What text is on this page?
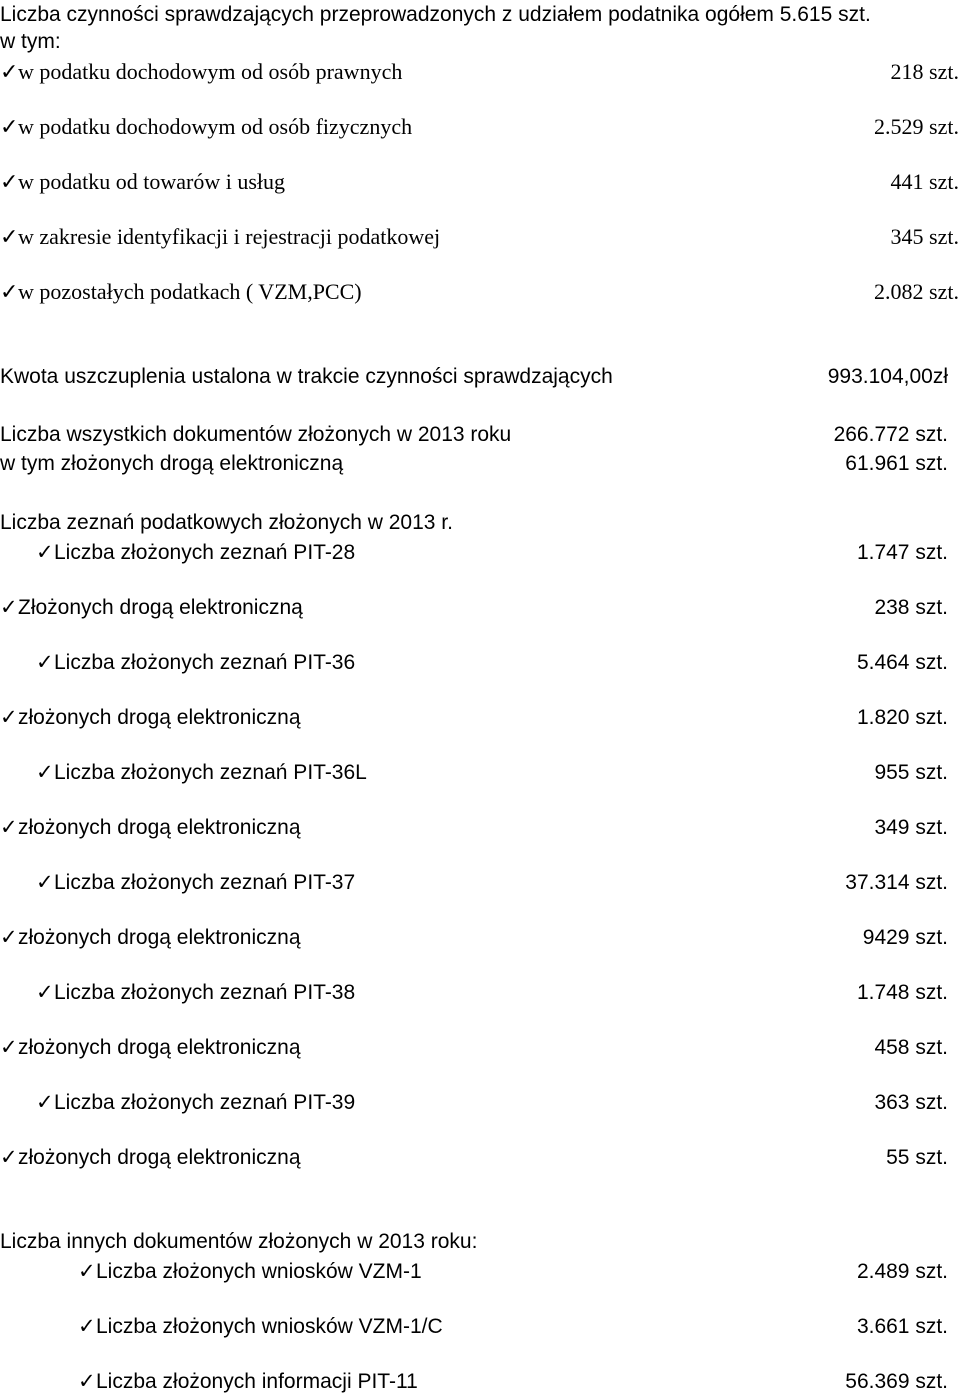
Liczba czynności sprawdzających przeprowadzonych z udziałem podatnika ogółem 5.615 szt.
w tym:
✓w podatku dochodowym od osób prawnych	218 szt.
✓w podatku dochodowym od osób fizycznych	2.529 szt.
✓w podatku od towarów i usług	441 szt.
✓w zakresie identyfikacji i rejestracji podatkowej	345 szt.
✓w pozostałych podatkach ( VZM,PCC)	2.082 szt.
Kwota uszczuplenia ustalona w trakcie czynności sprawdzających	993.104,00zł
Liczba wszystkich dokumentów złożonych w 2013 roku	266.772 szt.
w tym złożonych drogą elektroniczną	61.961 szt.
Liczba zeznań podatkowych złożonych w 2013 r.
✓Liczba złożonych zeznań PIT-28	1.747 szt.
✓Złożonych drogą elektroniczną	238 szt.
✓Liczba złożonych zeznań PIT-36	5.464 szt.
✓złożonych drogą elektroniczną	1.820 szt.
✓Liczba złożonych zeznań PIT-36L	955 szt.
✓złożonych drogą elektroniczną	349 szt.
✓Liczba złożonych zeznań PIT-37	37.314 szt.
✓złożonych drogą elektroniczną	9429 szt.
✓Liczba złożonych zeznań PIT-38	1.748 szt.
✓złożonych drogą elektroniczną	458 szt.
✓Liczba złożonych zeznań PIT-39	363 szt.
✓złożonych drogą elektroniczną	55 szt.
Liczba innych dokumentów złożonych w 2013 roku:
✓Liczba złożonych wniosków VZM-1	2.489 szt.
✓Liczba złożonych wniosków VZM-1/C	3.661 szt.
✓Liczba złożonych informacji PIT-11	56.369 szt.
